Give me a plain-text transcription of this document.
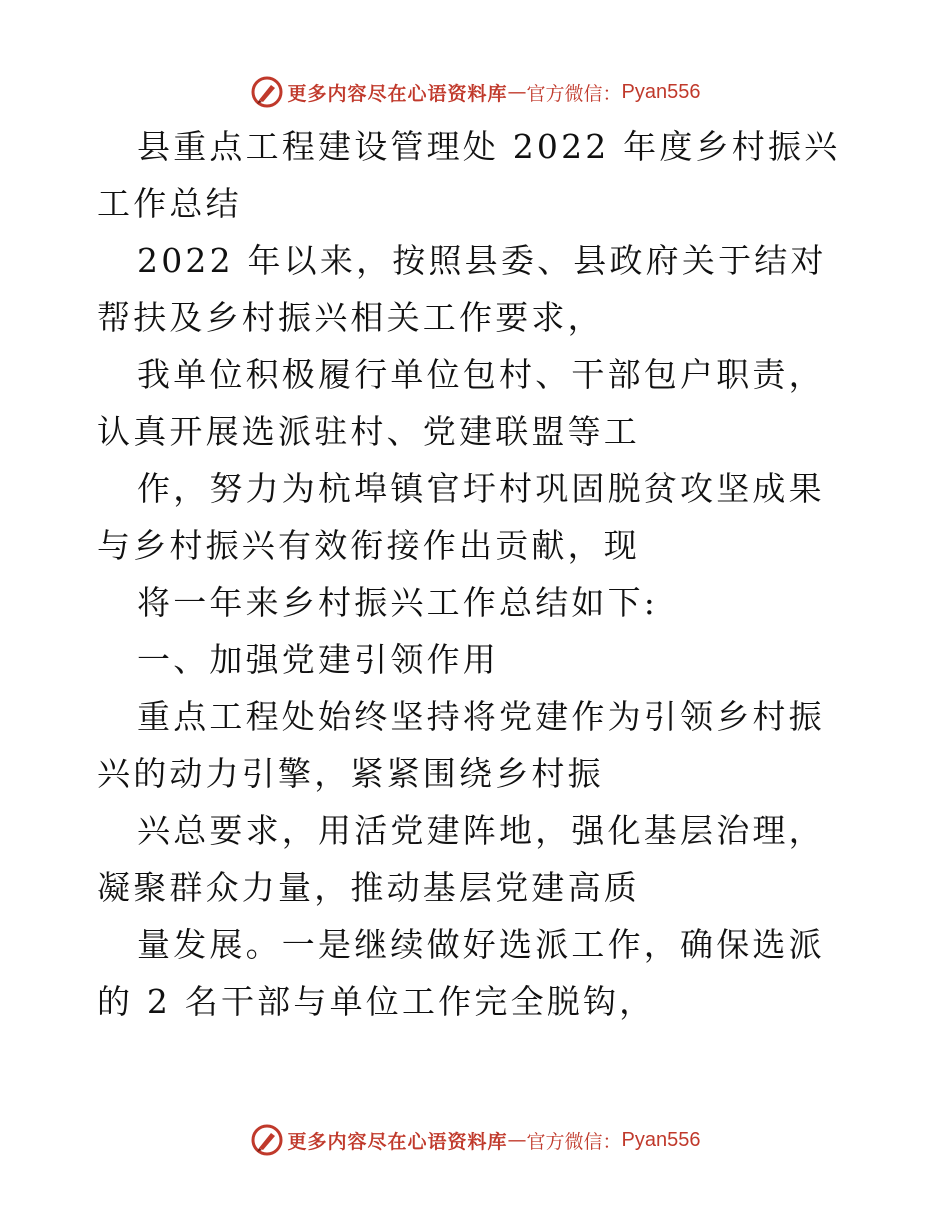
更多内容尽在心语资料库 — 官方微信： Pyan556

县重点工程建设管理处 2022 年度乡村振兴工作总结

2022 年以来，按照县委、县政府关于结对帮扶及乡村振兴相关工作要求，

我单位积极履行单位包村、干部包户职责，认真开展选派驻村、党建联盟等工

作，努力为杭埠镇官圩村巩固脱贫攻坚成果与乡村振兴有效衔接作出贡献，现

将一年来乡村振兴工作总结如下:

一、加强党建引领作用

重点工程处始终坚持将党建作为引领乡村振兴的动力引擎，紧紧围绕乡村振

兴总要求，用活党建阵地，强化基层治理，凝聚群众力量，推动基层党建高质

量发展。一是继续做好选派工作，确保选派的 2 名干部与单位工作完全脱钩，

更多内容尽在心语资料库 — 官方微信： Pyan556
